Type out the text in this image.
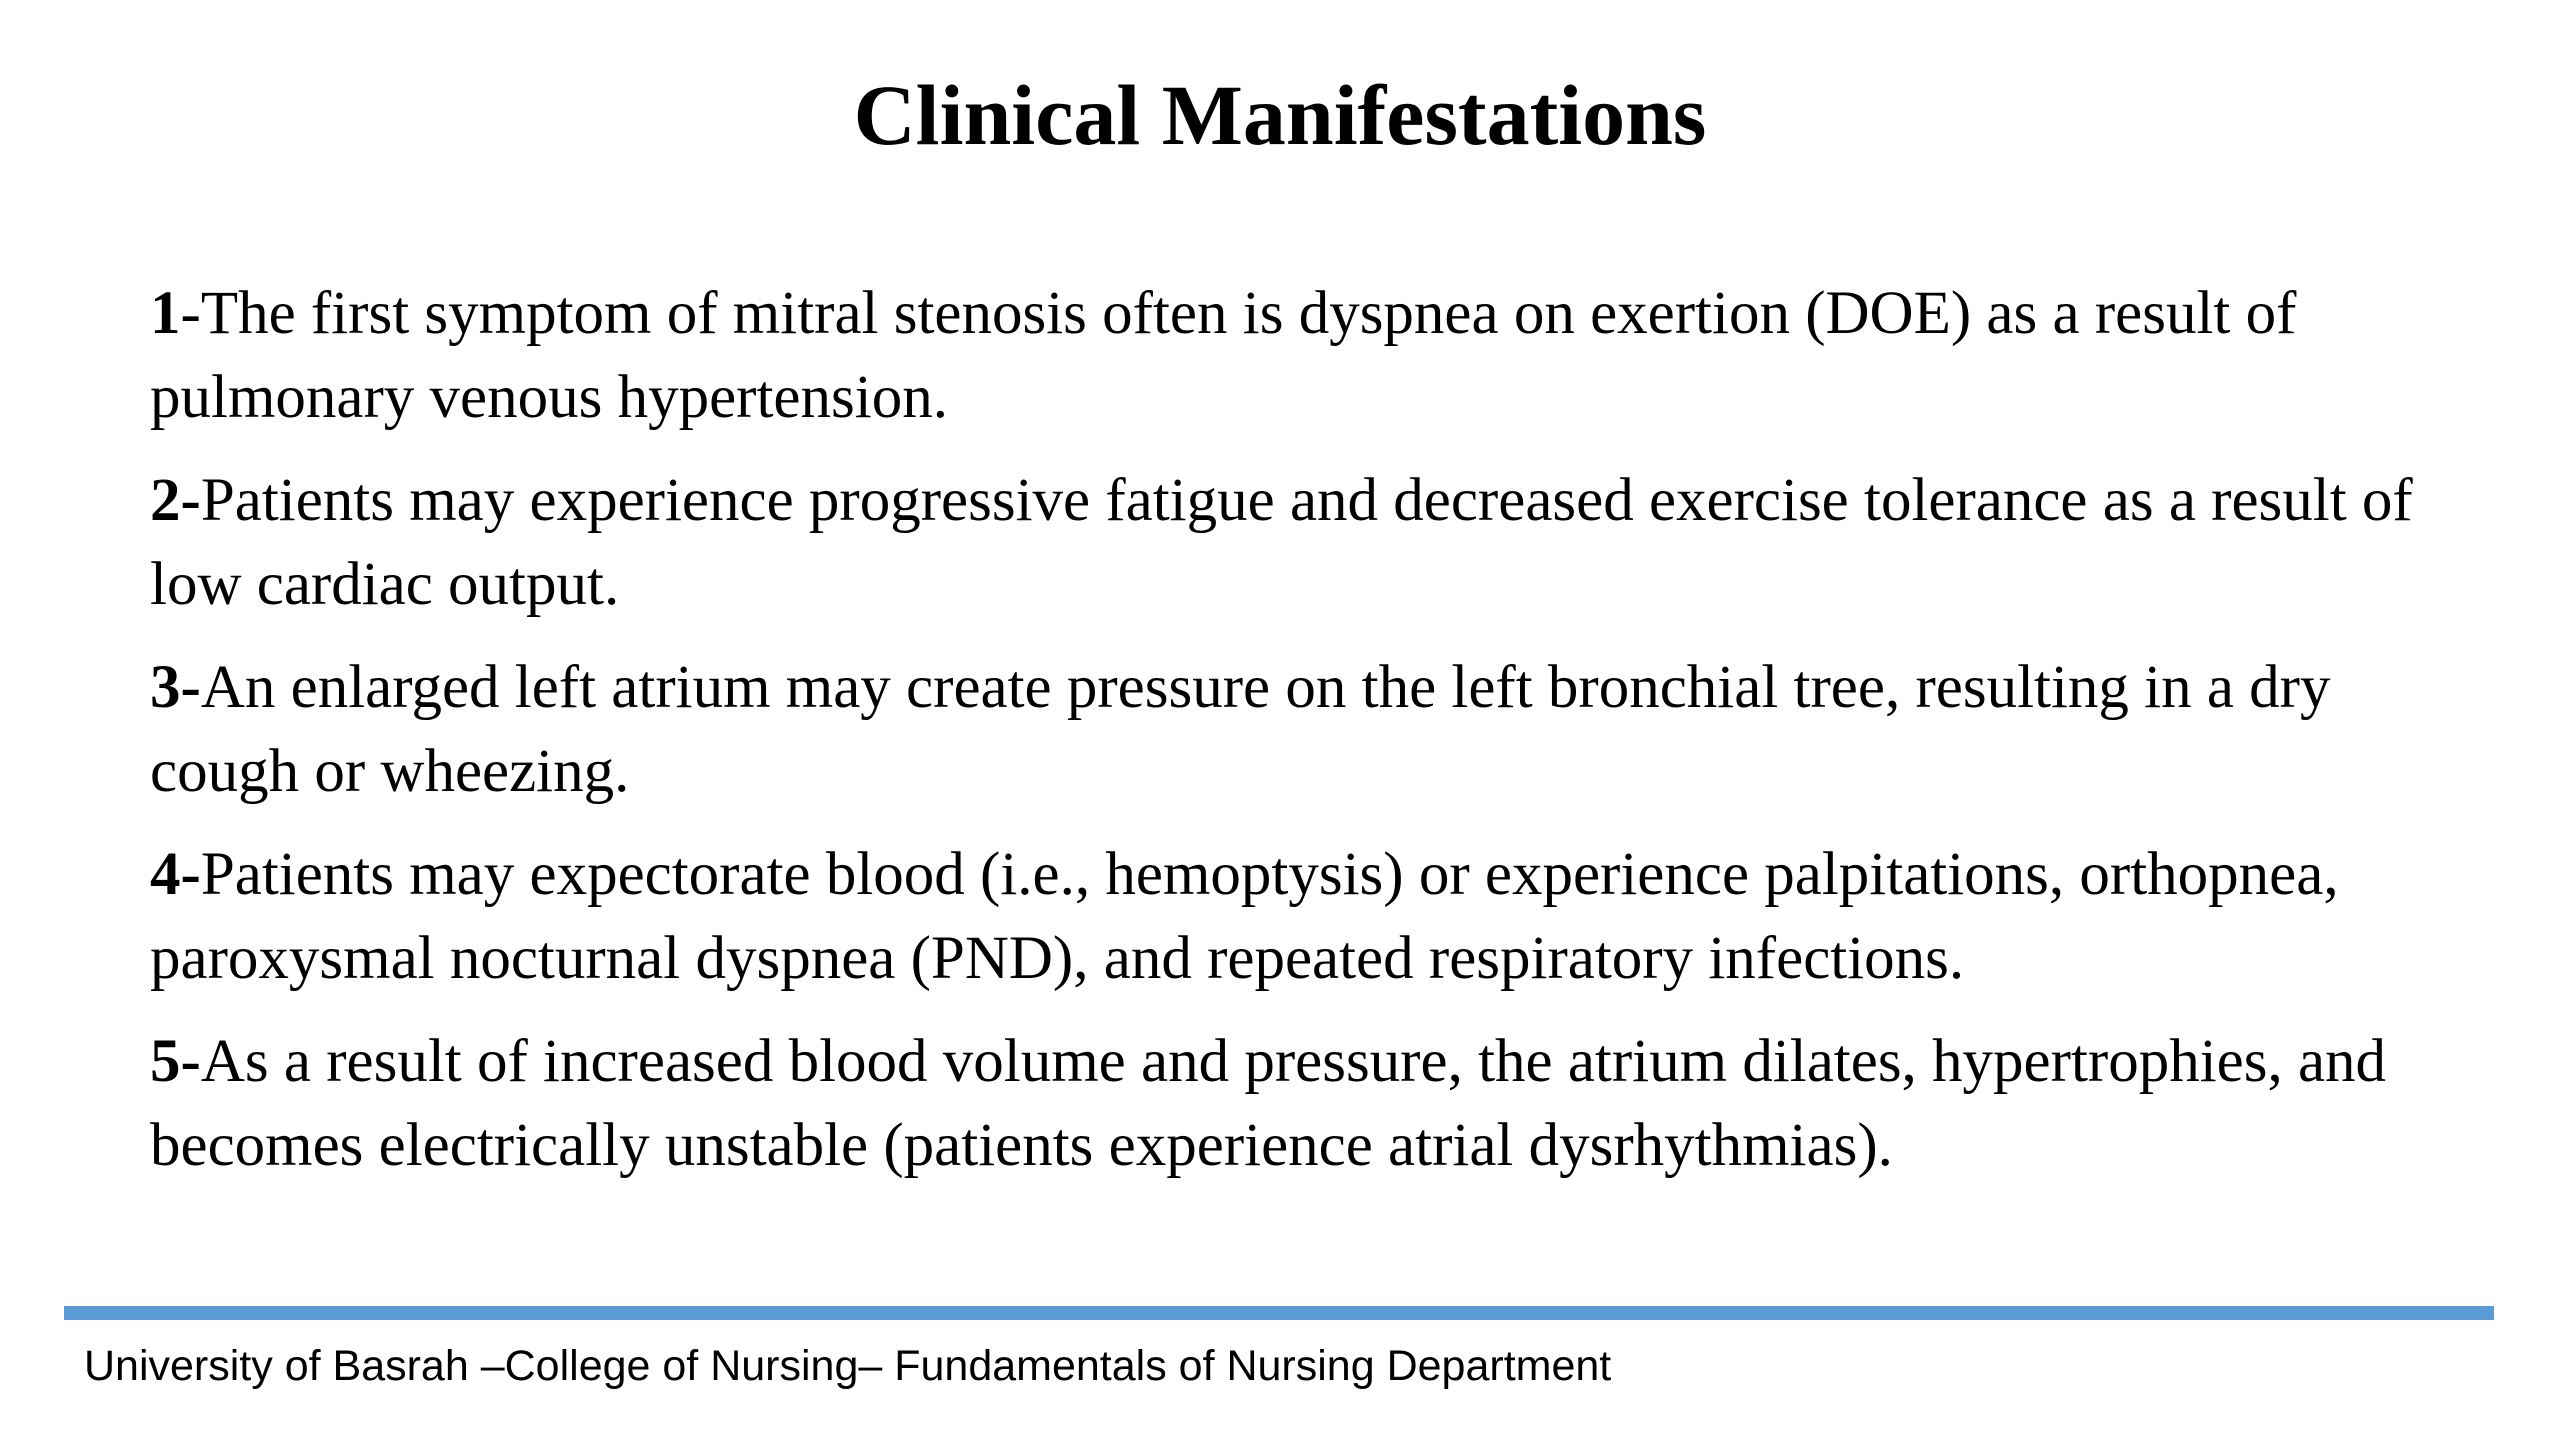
Clinical Manifestations

1-The first symptom of mitral stenosis often is dyspnea on exertion (DOE) as a result of pulmonary venous hypertension.

2-Patients may experience progressive fatigue and decreased exercise tolerance as a result of low cardiac output.

3-An enlarged left atrium may create pressure on the left bronchial tree, resulting in a dry cough or wheezing.

4-Patients may expectorate blood (i.e., hemoptysis) or experience palpitations, orthopnea, paroxysmal nocturnal dyspnea (PND), and repeated respiratory infections.

5-As a result of increased blood volume and pressure, the atrium dilates, hypertrophies, and becomes electrically unstable (patients experience atrial dysrhythmias).

University of Basrah –College of Nursing– Fundamentals of Nursing Department
